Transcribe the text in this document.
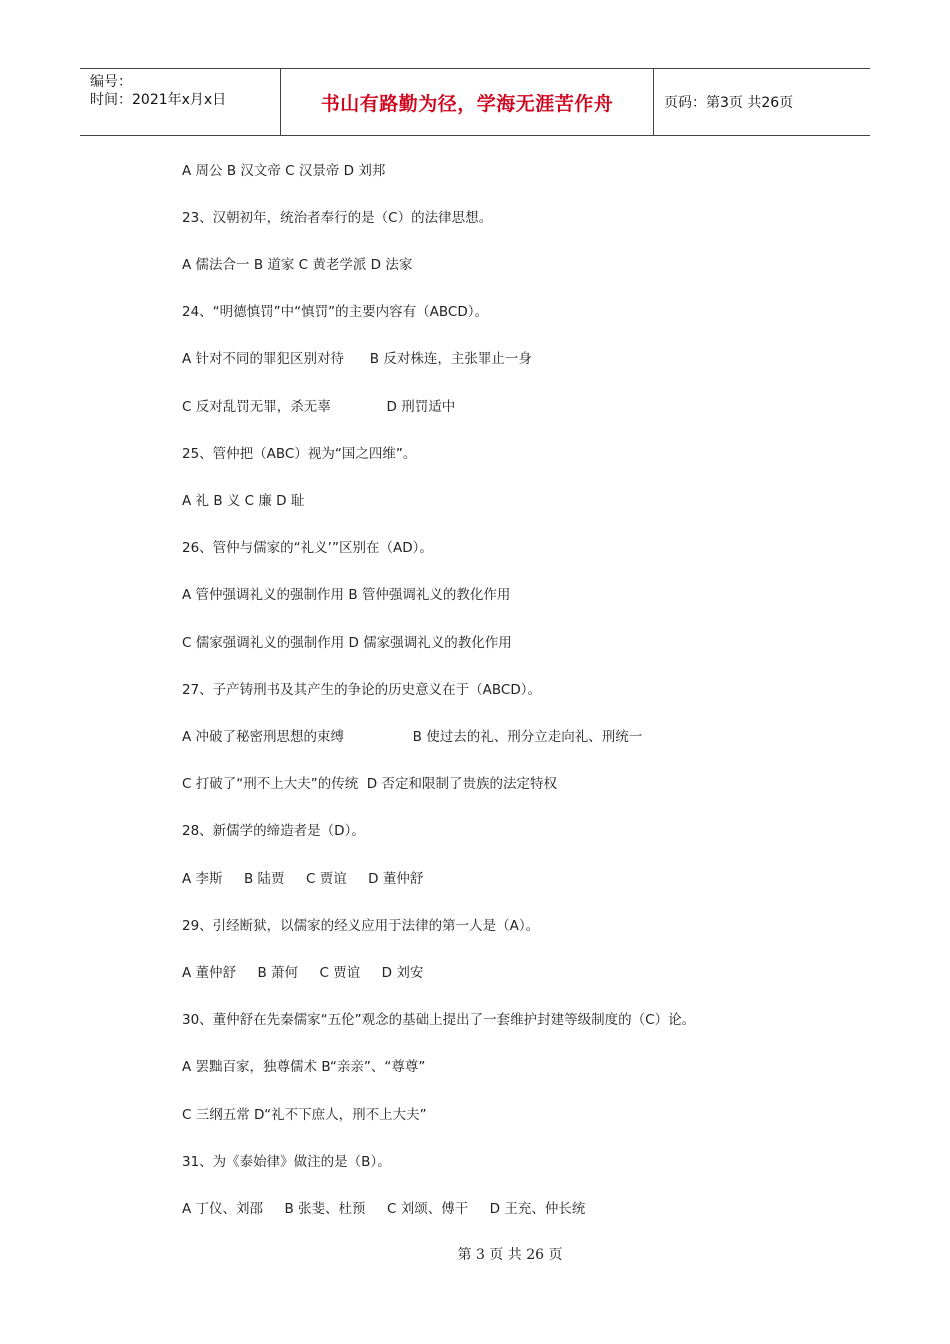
编号：
时间：2021年x月x日	书山有路勤为径，学海无涯苦作舟	页码：第3页 共26页
A 周公 B 汉文帝 C 汉景帝 D 刘邦
23、汉朝初年，统治者奉行的是（C）的法律思想。
A 儒法合一 B 道家 C 黄老学派 D 法家
24、“明德慎罚”中“慎罚”的主要内容有（ABCD）。
A 针对不同的罪犯区别对待      B 反对株连，主张罪止一身
C 反对乱罚无罪，杀无辜             D 刑罚适中
25、管仲把（ABC）视为“国之四维”。
A 礼 B 义 C 廉 D 耻
26、管仲与儒家的“礼义’”区别在（AD）。
A 管仲强调礼义的强制作用 B 管仲强调礼义的教化作用
C 儒家强调礼义的强制作用 D 儒家强调礼义的教化作用
27、子产铸刑书及其产生的争论的历史意义在于（ABCD）。
A 冲破了秘密刑思想的束缚                B 使过去的礼、刑分立走向礼、刑统一
C 打破了“刑不上大夫”的传统  D 否定和限制了贵族的法定特权
28、新儒学的缔造者是（D）。
A 李斯     B 陆贾     C 贾谊     D 董仲舒
29、引经断狱，以儒家的经义应用于法律的第一人是（A）。
A 董仲舒     B 萧何     C 贾谊     D 刘安
30、董仲舒在先秦儒家“五伦”观念的基础上提出了一套维护封建等级制度的（C）论。
A 罢黜百家，独尊儒术 B“亲亲”、“尊尊”
C 三纲五常 D“礼不下庶人，刑不上大夫”
31、为《泰始律》做注的是（B）。
A 丁仪、刘邵     B 张斐、杜预     C 刘颂、傅干     D 王充、仲长统
第 3 页 共 26 页
